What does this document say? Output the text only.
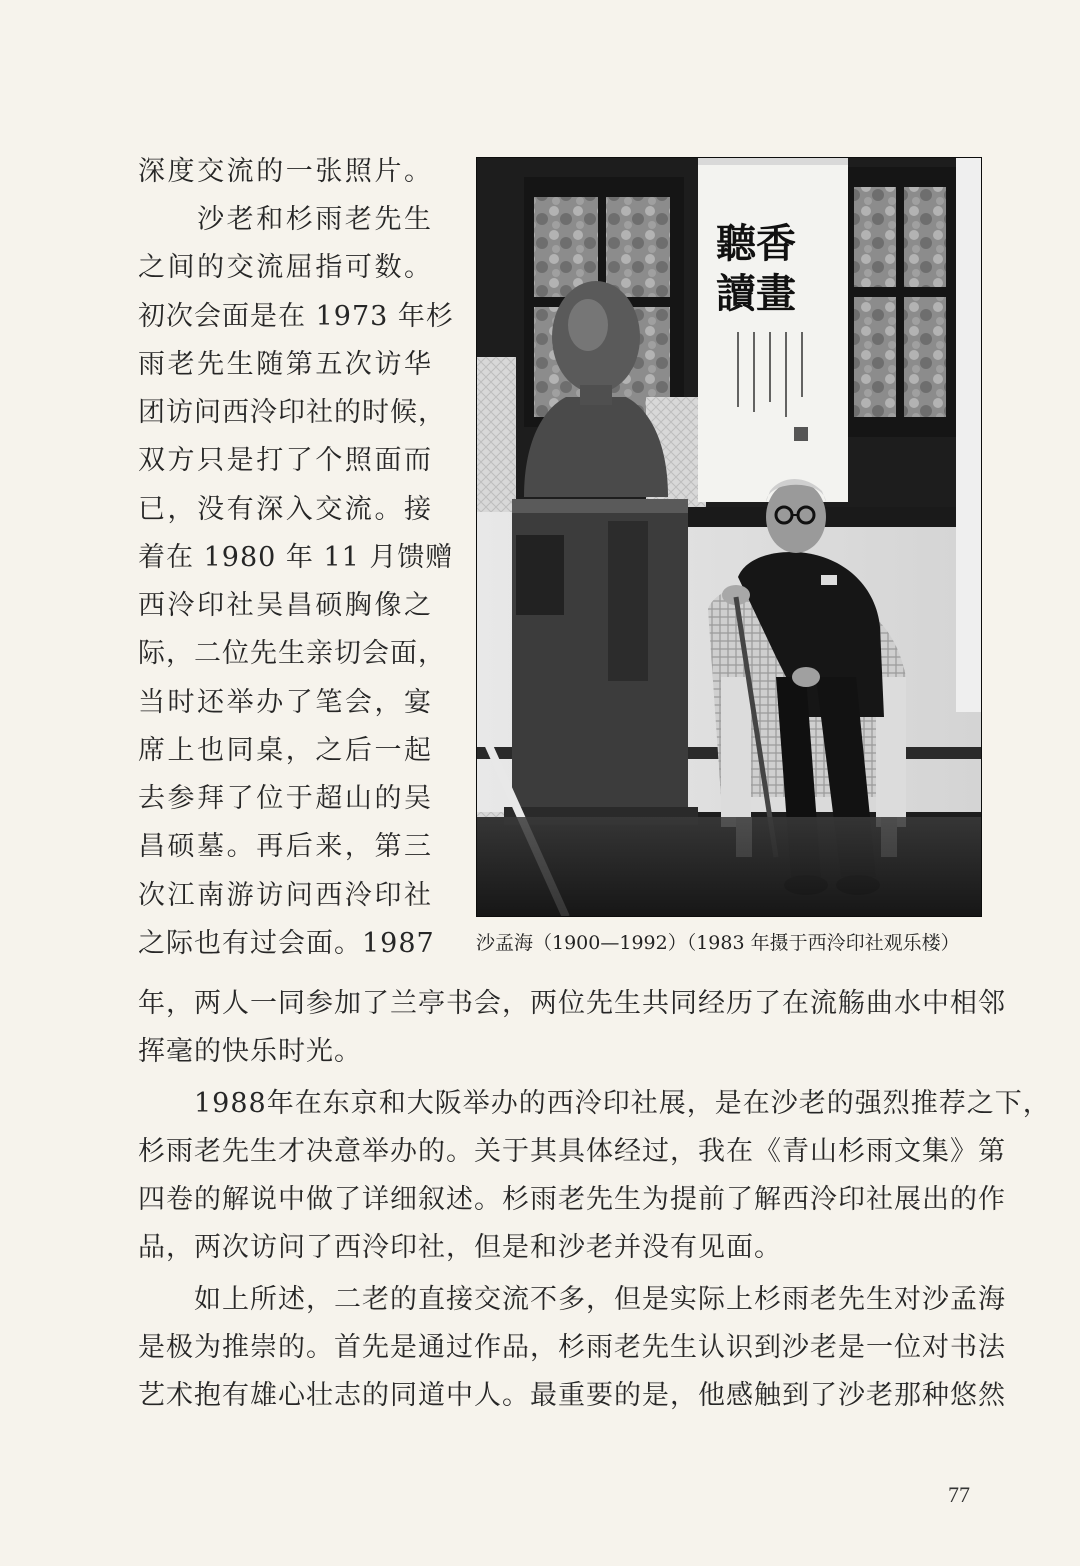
深度交流的一张照片。
　　沙老和杉雨老先生
之间的交流屈指可数。
初次会面是在 1973 年杉
雨老先生随第五次访华
团访问西泠印社的时候，
双方只是打了个照面而
已，没有深入交流。接
着在 1980 年 11 月馈赠
西泠印社吴昌硕胸像之
际，二位先生亲切会面，
当时还举办了笔会，宴
席上也同桌，之后一起
去参拜了位于超山的吴
昌硕墓。再后来，第三
次江南游访问西泠印社
之际也有过会面。1987
年，两人一同参加了兰亭书会，两位先生共同经历了在流觞曲水中相邻
挥毫的快乐时光。
　　1988年在东京和大阪举办的西泠印社展，是在沙老的强烈推荐之下，
杉雨老先生才决意举办的。关于其具体经过，我在《青山杉雨文集》第
四卷的解说中做了详细叙述。杉雨老先生为提前了解西泠印社展出的作
品，两次访问了西泠印社，但是和沙老并没有见面。
　　如上所述，二老的直接交流不多，但是实际上杉雨老先生对沙孟海
是极为推崇的。首先是通过作品，杉雨老先生认识到沙老是一位对书法
艺术抱有雄心壮志的同道中人。最重要的是，他感触到了沙老那种悠然
聽香
讀畫
沙孟海（1900—1992）（1983 年摄于西泠印社观乐楼）
77
